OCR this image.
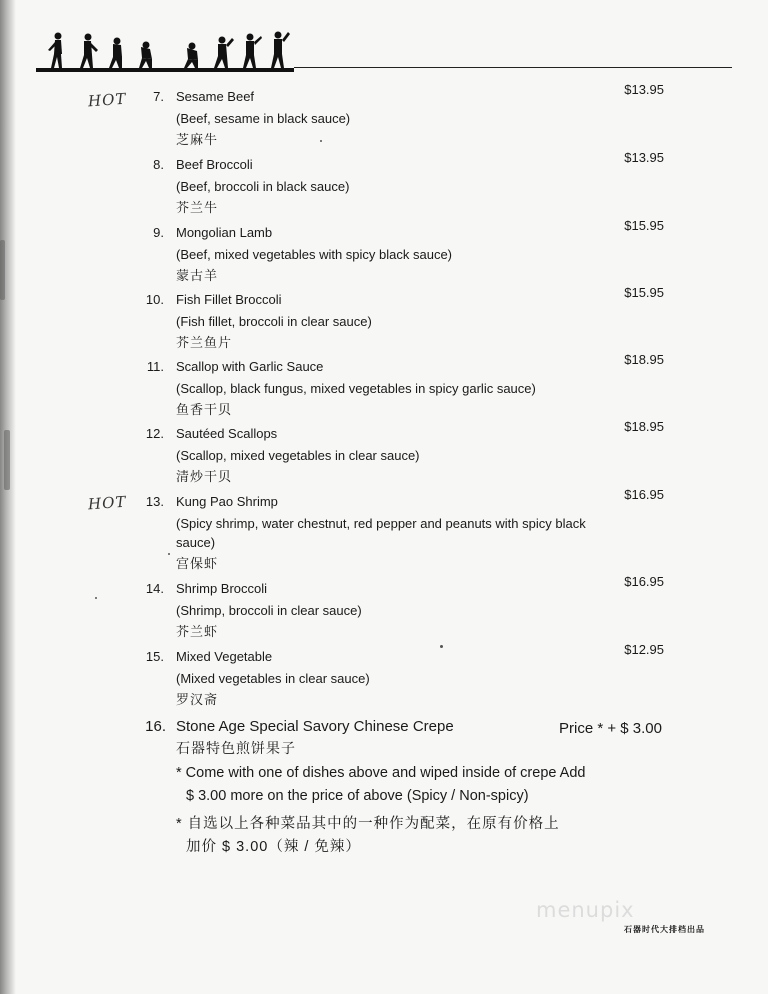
HOT
HOT
7. Sesame Beef
(Beef, sesame in black sauce)
芝麻牛
$13.95
8. Beef Broccoli
(Beef, broccoli in black sauce)
芥兰牛
$13.95
9. Mongolian Lamb
(Beef, mixed vegetables with spicy black sauce)
蒙古羊
$15.95
10. Fish Fillet Broccoli
(Fish fillet, broccoli in clear sauce)
芥兰鱼片
$15.95
11. Scallop with Garlic Sauce
(Scallop, black fungus, mixed vegetables in spicy garlic sauce)
鱼香干贝
$18.95
12. Sautéed Scallops
(Scallop, mixed vegetables in clear sauce)
清炒干贝
$18.95
13. Kung Pao Shrimp
(Spicy shrimp, water chestnut, red pepper and peanuts with spicy black sauce)
宫保虾
$16.95
14. Shrimp Broccoli
(Shrimp, broccoli in clear sauce)
芥兰虾
$16.95
15. Mixed Vegetable
(Mixed vegetables in clear sauce)
罗汉斋
$12.95
16. Stone Age Special Savory Chinese Crepe	Price * + $ 3.00
石器特色煎饼果子
* Come with one of dishes above and wiped inside of crepe Add
$ 3.00 more on the price of above (Spicy / Non-spicy)
* 自选以上各种菜品其中的一种作为配菜，在原有价格上
加价 $ 3.00（辣 / 免辣）
menupix
石器时代大排档出品
